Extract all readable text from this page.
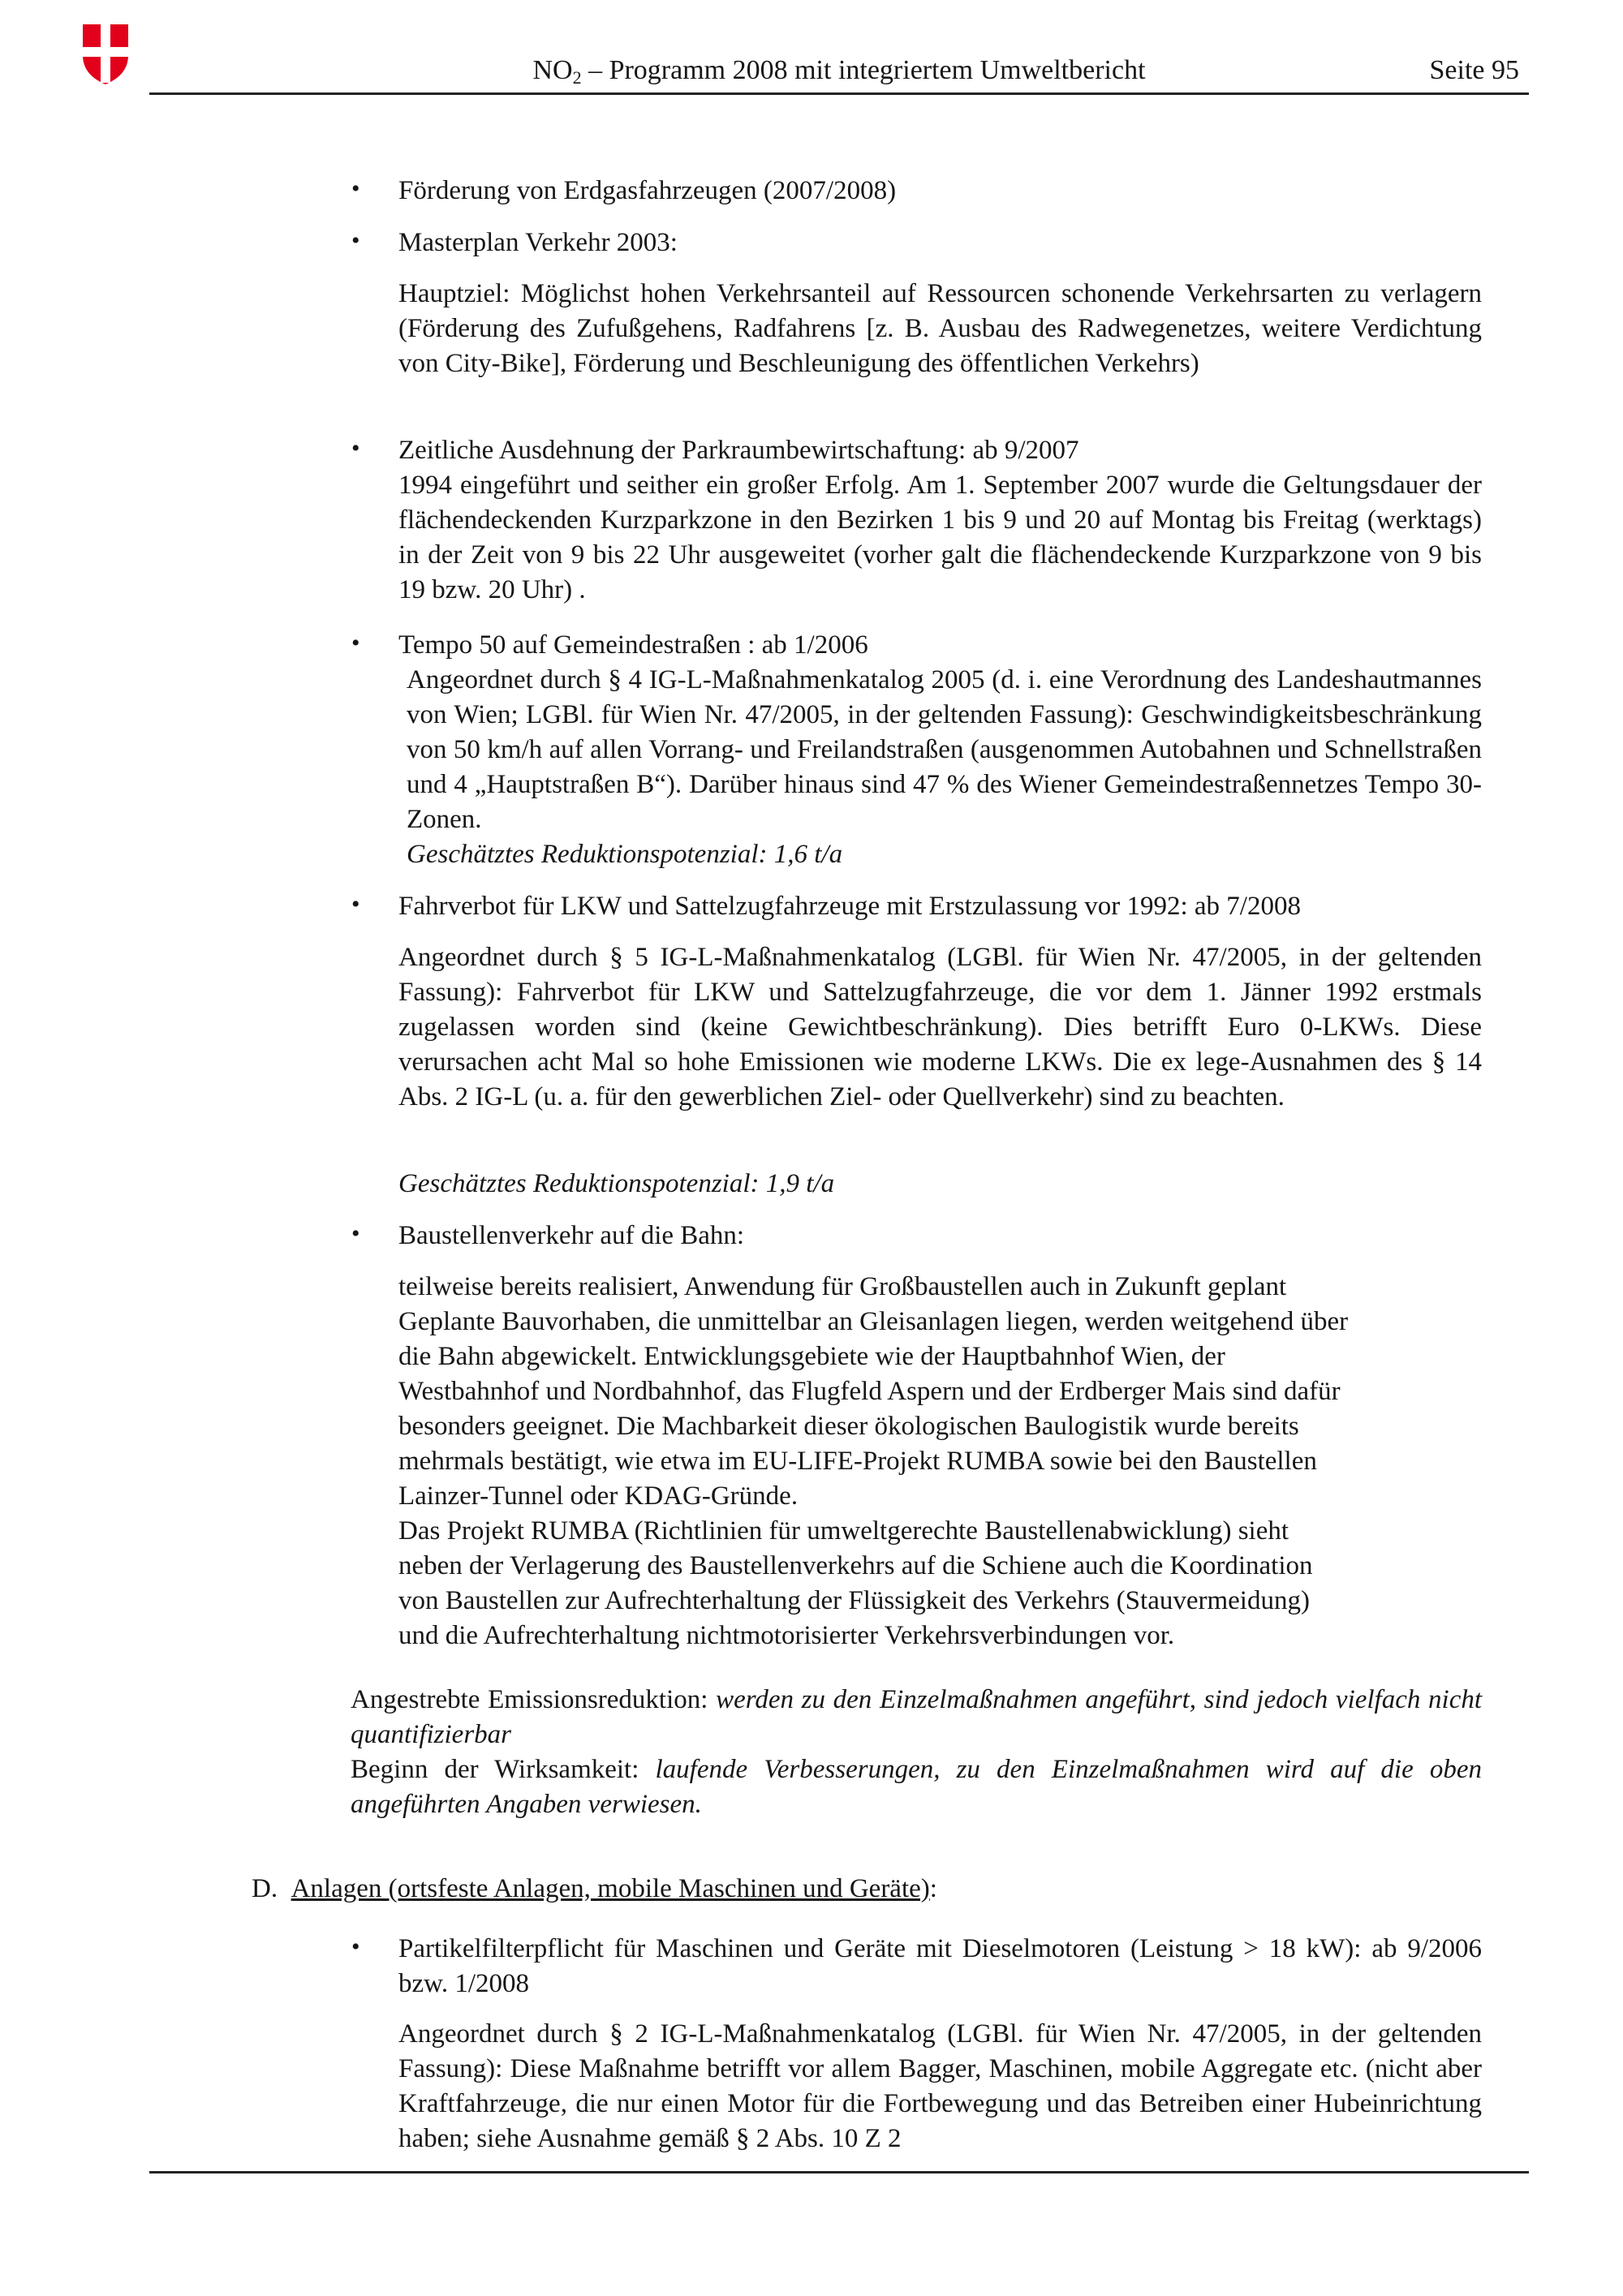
$NO_2$ – Programm 2008 mit integriertem Umweltbericht	Seite 95
• Förderung von Erdgasfahrzeugen (2007/2008)
• Masterplan Verkehr 2003:
Hauptziel: Möglichst hohen Verkehrsanteil auf Ressourcen schonende Verkehrsarten zu verlagern (Förderung des Zufußgehens, Radfahrens [z. B. Ausbau des Radwegenetzes, weitere Verdichtung von City-Bike], Förderung und Beschleunigung des öffentlichen Verkehrs)
• Zeitliche Ausdehnung der Parkraumbewirtschaftung: ab 9/2007
1994 eingeführt und seither ein großer Erfolg. Am 1. September 2007 wurde die Geltungsdauer der flächendeckenden Kurzparkzone in den Bezirken 1 bis 9 und 20 auf Montag bis Freitag (werktags) in der Zeit von 9 bis 22 Uhr ausgeweitet (vorher galt die flächendeckende Kurzparkzone von 9 bis 19 bzw. 20 Uhr) .
• Tempo 50 auf Gemeindestraßen : ab 1/2006
Angeordnet durch § 4 IG-L-Maßnahmenkatalog 2005 (d. i. eine Verordnung des Landeshautmannes von Wien; LGBl. für Wien Nr. 47/2005, in der geltenden Fassung): Geschwindigkeitsbeschränkung von 50 km/h auf allen Vorrang- und Freilandstraßen (ausgenommen Autobahnen und Schnellstraßen und 4 „Hauptstraßen B“). Darüber hinaus sind 47 % des Wiener Gemeindestraßennetzes Tempo 30-Zonen.
Geschätztes Reduktionspotenzial: 1,6 t/a
• Fahrverbot für LKW und Sattelzugfahrzeuge mit Erstzulassung vor 1992: ab 7/2008
Angeordnet durch § 5 IG-L-Maßnahmenkatalog (LGBl. für Wien Nr. 47/2005, in der geltenden Fassung): Fahrverbot für LKW und Sattelzugfahrzeuge, die vor dem 1. Jänner 1992 erstmals zugelassen worden sind (keine Gewichtbeschränkung). Dies betrifft Euro 0-LKWs. Diese verursachen acht Mal so hohe Emissionen wie moderne LKWs. Die ex lege-Ausnahmen des § 14 Abs. 2 IG-L (u. a. für den gewerblichen Ziel- oder Quellverkehr) sind zu beachten.
Geschätztes Reduktionspotenzial: 1,9 t/a
• Baustellenverkehr auf die Bahn:
teilweise bereits realisiert, Anwendung für Großbaustellen auch in Zukunft geplant
Geplante Bauvorhaben, die unmittelbar an Gleisanlagen liegen, werden weitgehend über
die Bahn abgewickelt. Entwicklungsgebiete wie der Hauptbahnhof Wien, der
Westbahnhof und Nordbahnhof, das Flugfeld Aspern und der Erdberger Mais sind dafür
besonders geeignet. Die Machbarkeit dieser ökologischen Baulogistik wurde bereits
mehrmals bestätigt, wie etwa im EU-LIFE-Projekt RUMBA sowie bei den Baustellen
Lainzer-Tunnel oder KDAG-Gründe.
Das Projekt RUMBA (Richtlinien für umweltgerechte Baustellenabwicklung) sieht
neben der Verlagerung des Baustellenverkehrs auf die Schiene auch die Koordination
von Baustellen zur Aufrechterhaltung der Flüssigkeit des Verkehrs (Stauvermeidung)
und die Aufrechterhaltung nichtmotorisierter Verkehrsverbindungen vor.
Angestrebte Emissionsreduktion: werden zu den Einzelmaßnahmen angeführt, sind jedoch vielfach nicht quantifizierbar
Beginn der Wirksamkeit: laufende Verbesserungen, zu den Einzelmaßnahmen wird auf die oben angeführten Angaben verwiesen.
D. Anlagen (ortsfeste Anlagen, mobile Maschinen und Geräte):
• Partikelfilterpflicht für Maschinen und Geräte mit Dieselmotoren (Leistung > 18 kW): ab 9/2006 bzw. 1/2008
Angeordnet durch § 2 IG-L-Maßnahmenkatalog (LGBl. für Wien Nr. 47/2005, in der geltenden Fassung): Diese Maßnahme betrifft vor allem Bagger, Maschinen, mobile Aggregate etc. (nicht aber Kraftfahrzeuge, die nur einen Motor für die Fortbewegung und das Betreiben einer Hubeinrichtung haben; siehe Ausnahme gemäß § 2 Abs. 10 Z 2
